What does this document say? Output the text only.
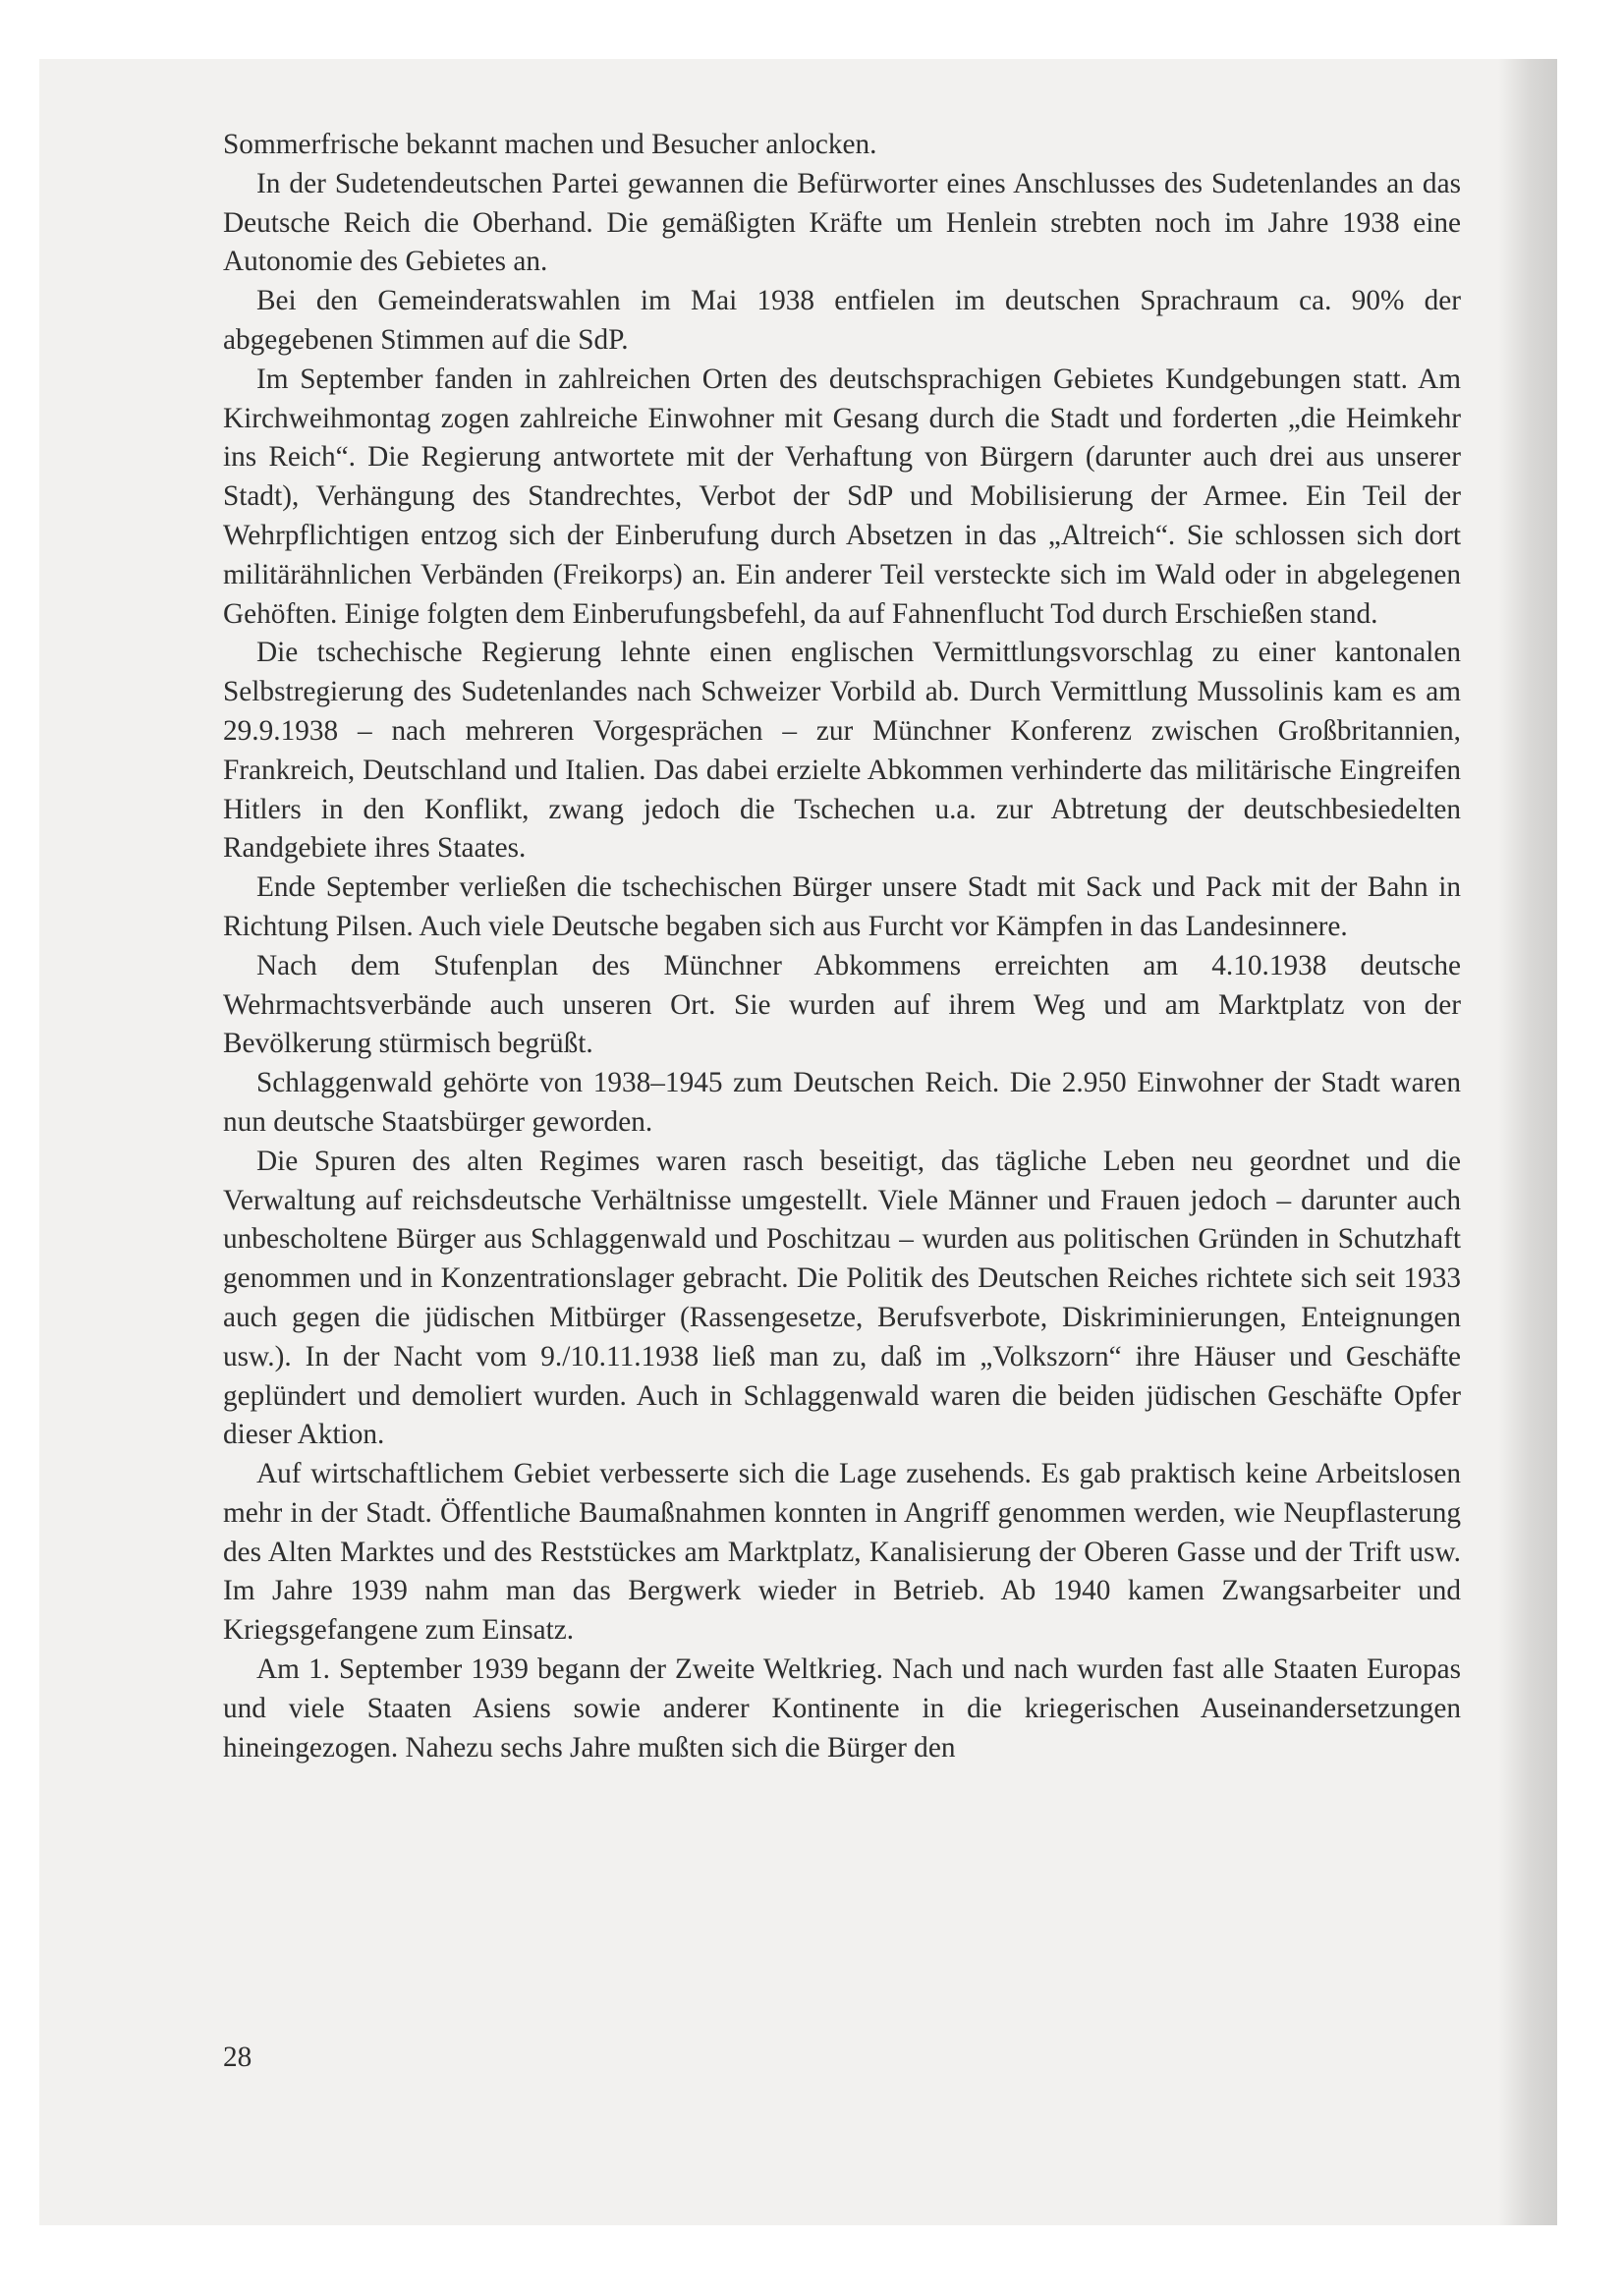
Sommerfrische bekannt machen und Besucher anlocken.

In der Sudetendeutschen Partei gewannen die Befürworter eines Anschlusses des Sudetenlandes an das Deutsche Reich die Oberhand. Die gemäßigten Kräfte um Henlein strebten noch im Jahre 1938 eine Autonomie des Gebietes an.

Bei den Gemeinderatswahlen im Mai 1938 entfielen im deutschen Sprachraum ca. 90% der abgegebenen Stimmen auf die SdP.

Im September fanden in zahlreichen Orten des deutschsprachigen Gebietes Kundgebungen statt. Am Kirchweihmontag zogen zahlreiche Einwohner mit Gesang durch die Stadt und forderten „die Heimkehr ins Reich“. Die Regierung antwortete mit der Verhaftung von Bürgern (darunter auch drei aus unserer Stadt), Verhängung des Standrechtes, Verbot der SdP und Mobilisierung der Armee. Ein Teil der Wehrpflichtigen entzog sich der Einberufung durch Absetzen in das „Altreich“. Sie schlossen sich dort militärähnlichen Verbänden (Freikorps) an. Ein anderer Teil versteckte sich im Wald oder in abgelegenen Gehöften. Einige folgten dem Einberufungsbefehl, da auf Fahnenflucht Tod durch Erschießen stand.

Die tschechische Regierung lehnte einen englischen Vermittlungsvorschlag zu einer kantonalen Selbstregierung des Sudetenlandes nach Schweizer Vorbild ab. Durch Vermittlung Mussolinis kam es am 29.9.1938 – nach mehreren Vorgesprächen – zur Münchner Konferenz zwischen Großbritannien, Frankreich, Deutschland und Italien. Das dabei erzielte Abkommen verhinderte das militärische Eingreifen Hitlers in den Konflikt, zwang jedoch die Tschechen u.a. zur Abtretung der deutschbesiedelten Randgebiete ihres Staates.

Ende September verließen die tschechischen Bürger unsere Stadt mit Sack und Pack mit der Bahn in Richtung Pilsen. Auch viele Deutsche begaben sich aus Furcht vor Kämpfen in das Landesinnere.

Nach dem Stufenplan des Münchner Abkommens erreichten am 4.10.1938 deutsche Wehrmachtsverbände auch unseren Ort. Sie wurden auf ihrem Weg und am Marktplatz von der Bevölkerung stürmisch begrüßt.

Schlaggenwald gehörte von 1938–1945 zum Deutschen Reich. Die 2.950 Einwohner der Stadt waren nun deutsche Staatsbürger geworden.

Die Spuren des alten Regimes waren rasch beseitigt, das tägliche Leben neu geordnet und die Verwaltung auf reichsdeutsche Verhältnisse umgestellt. Viele Männer und Frauen jedoch – darunter auch unbescholtene Bürger aus Schlaggenwald und Poschitzau – wurden aus politischen Gründen in Schutzhaft genommen und in Konzentrationslager gebracht. Die Politik des Deutschen Reiches richtete sich seit 1933 auch gegen die jüdischen Mitbürger (Rassengesetze, Berufsverbote, Diskriminierungen, Enteignungen usw.). In der Nacht vom 9./10.11.1938 ließ man zu, daß im „Volkszorn“ ihre Häuser und Geschäfte geplündert und demoliert wurden. Auch in Schlaggenwald waren die beiden jüdischen Geschäfte Opfer dieser Aktion.

Auf wirtschaftlichem Gebiet verbesserte sich die Lage zusehends. Es gab praktisch keine Arbeitslosen mehr in der Stadt. Öffentliche Baumaßnahmen konnten in Angriff genommen werden, wie Neupflasterung des Alten Marktes und des Reststückes am Marktplatz, Kanalisierung der Oberen Gasse und der Trift usw. Im Jahre 1939 nahm man das Bergwerk wieder in Betrieb. Ab 1940 kamen Zwangsarbeiter und Kriegsgefangene zum Einsatz.

Am 1. September 1939 begann der Zweite Weltkrieg. Nach und nach wurden fast alle Staaten Europas und viele Staaten Asiens sowie anderer Kontinente in die kriegerischen Auseinandersetzungen hineingezogen. Nahezu sechs Jahre mußten sich die Bürger den

28
